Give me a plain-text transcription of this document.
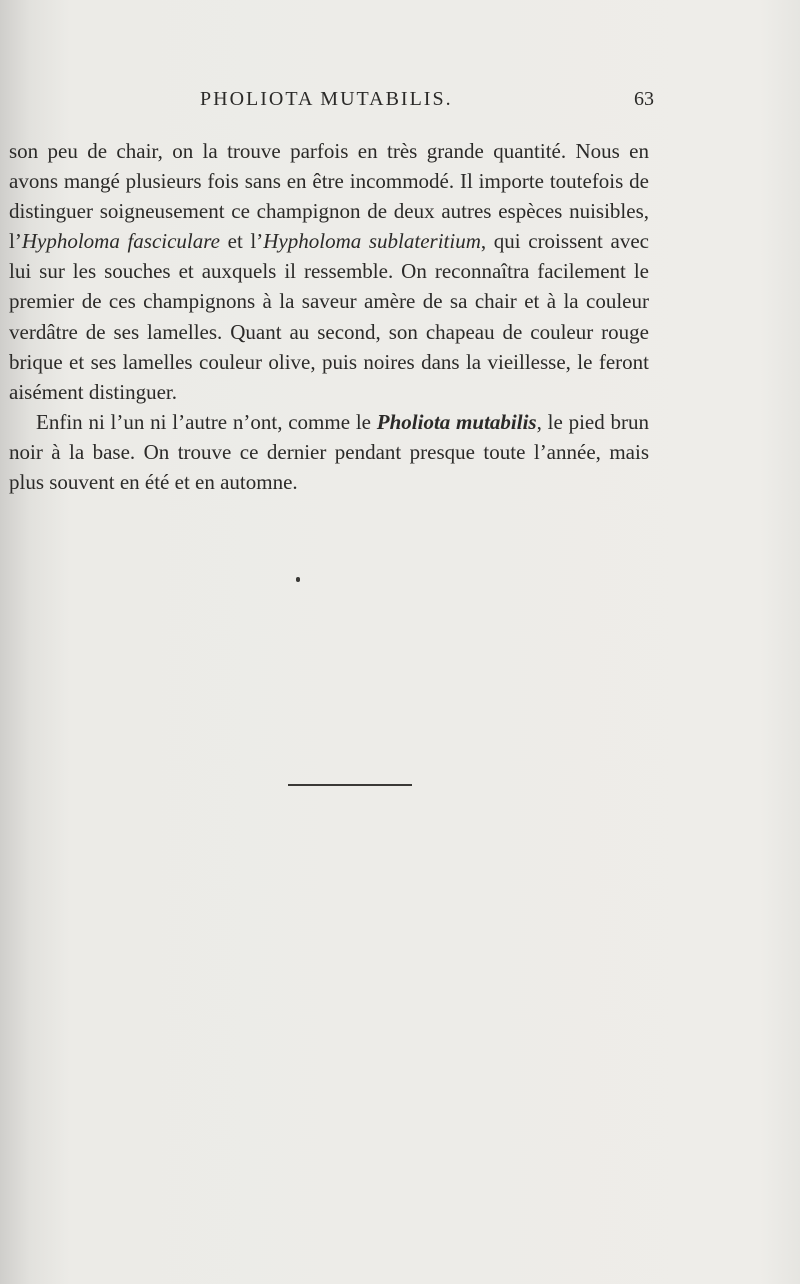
PHOLIOTA MUTABILIS.	63

son peu de chair, on la trouve parfois en très grande quantité. Nous en avons mangé plusieurs fois sans en être incommodé. Il importe toutefois de distinguer soigneusement ce champignon de deux autres espèces nuisibles, l’Hypholoma fasciculare et l’Hypholoma sublateritium, qui croissent avec lui sur les souches et auxquels il ressemble. On reconnaîtra facilement le premier de ces champignons à la saveur amère de sa chair et à la couleur verdâtre de ses lamelles. Quant au second, son chapeau de couleur rouge brique et ses lamelles couleur olive, puis noires dans la vieillesse, le feront aisément distinguer.

Enfin ni l’un ni l’autre n’ont, comme le Pholiota mutabilis, le pied brun noir à la base. On trouve ce dernier pendant presque toute l’année, mais plus souvent en été et en automne.
